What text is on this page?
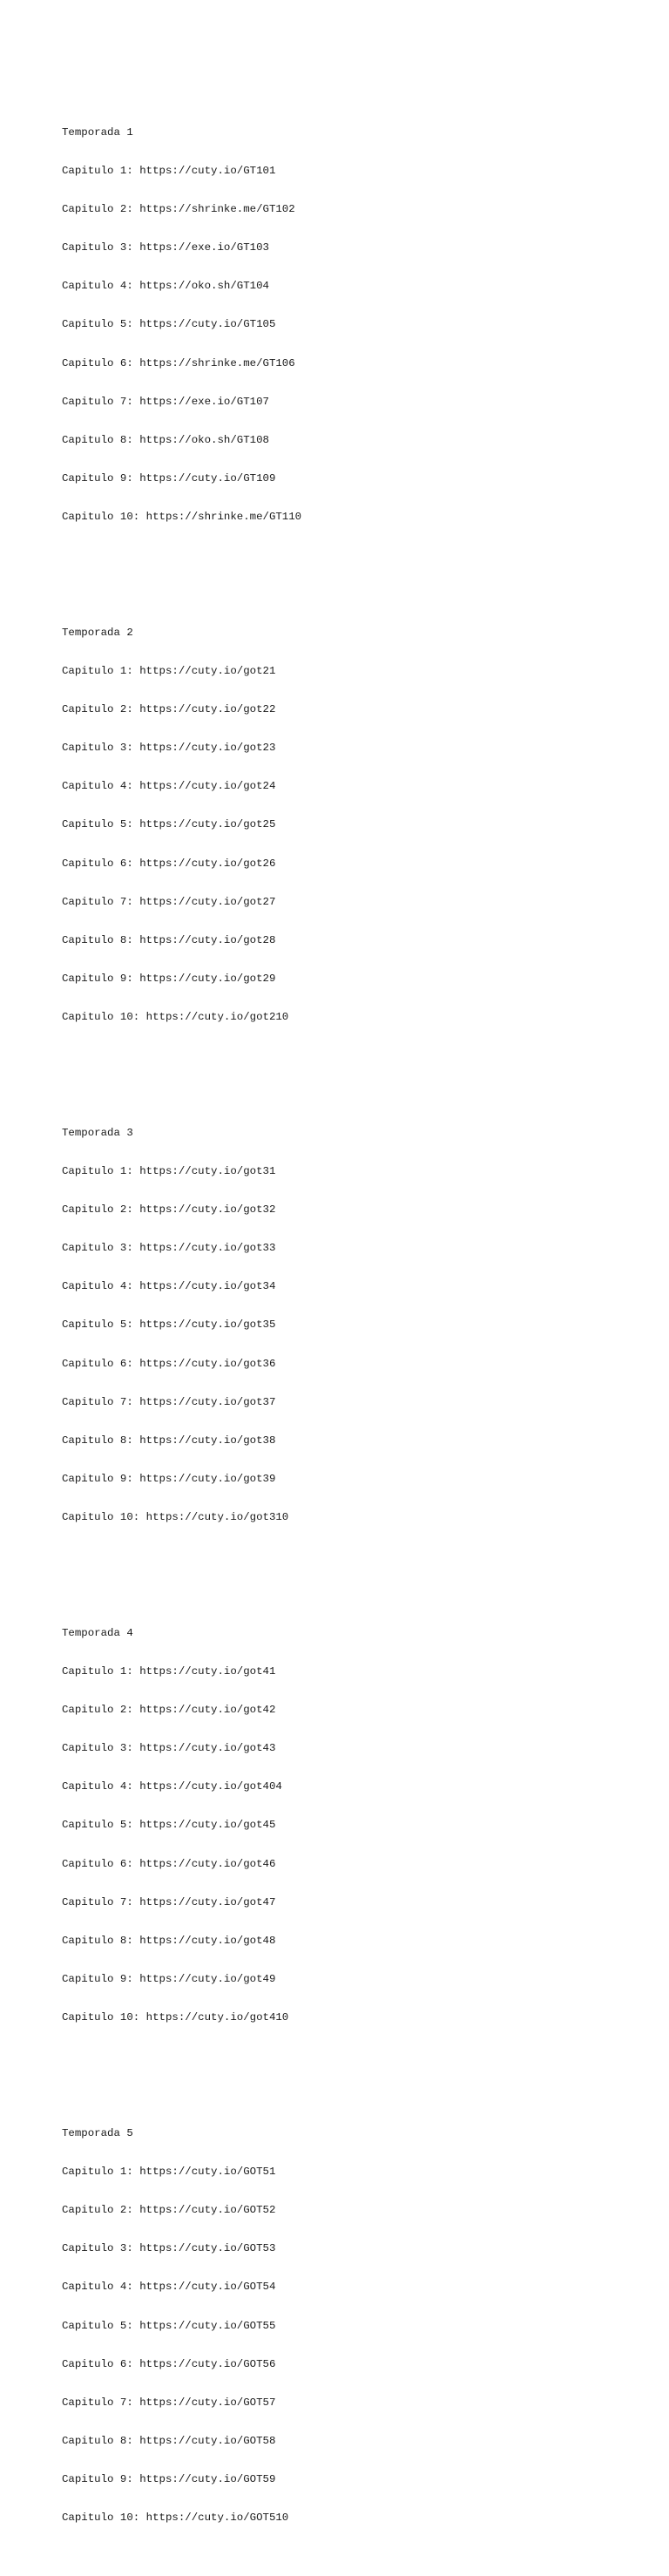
Temporada 1

Capitulo 1: https://cuty.io/GT101

Capitulo 2: https://shrinke.me/GT102

Capitulo 3: https://exe.io/GT103

Capitulo 4: https://oko.sh/GT104

Capitulo 5: https://cuty.io/GT105

Capitulo 6: https://shrinke.me/GT106

Capitulo 7: https://exe.io/GT107

Capitulo 8: https://oko.sh/GT108

Capitulo 9: https://cuty.io/GT109

Capitulo 10: https://shrinke.me/GT110

Temporada 2

Capitulo 1: https://cuty.io/got21

Capitulo 2: https://cuty.io/got22

Capitulo 3: https://cuty.io/got23

Capitulo 4: https://cuty.io/got24

Capitulo 5: https://cuty.io/got25

Capitulo 6: https://cuty.io/got26

Capitulo 7: https://cuty.io/got27

Capitulo 8: https://cuty.io/got28

Capitulo 9: https://cuty.io/got29

Capitulo 10: https://cuty.io/got210

Temporada 3

Capitulo 1: https://cuty.io/got31

Capitulo 2: https://cuty.io/got32

Capitulo 3: https://cuty.io/got33

Capitulo 4: https://cuty.io/got34

Capitulo 5: https://cuty.io/got35

Capitulo 6: https://cuty.io/got36

Capitulo 7: https://cuty.io/got37

Capitulo 8: https://cuty.io/got38

Capitulo 9: https://cuty.io/got39

Capitulo 10: https://cuty.io/got310

Temporada 4

Capitulo 1: https://cuty.io/got41

Capitulo 2: https://cuty.io/got42

Capitulo 3: https://cuty.io/got43

Capitulo 4: https://cuty.io/got404

Capitulo 5: https://cuty.io/got45

Capitulo 6: https://cuty.io/got46

Capitulo 7: https://cuty.io/got47

Capitulo 8: https://cuty.io/got48

Capitulo 9: https://cuty.io/got49

Capitulo 10: https://cuty.io/got410

Temporada 5

Capitulo 1: https://cuty.io/GOT51

Capitulo 2: https://cuty.io/GOT52

Capitulo 3: https://cuty.io/GOT53

Capitulo 4: https://cuty.io/GOT54

Capitulo 5: https://cuty.io/GOT55

Capitulo 6: https://cuty.io/GOT56

Capitulo 7: https://cuty.io/GOT57

Capitulo 8: https://cuty.io/GOT58

Capitulo 9: https://cuty.io/GOT59

Capitulo 10: https://cuty.io/GOT510
